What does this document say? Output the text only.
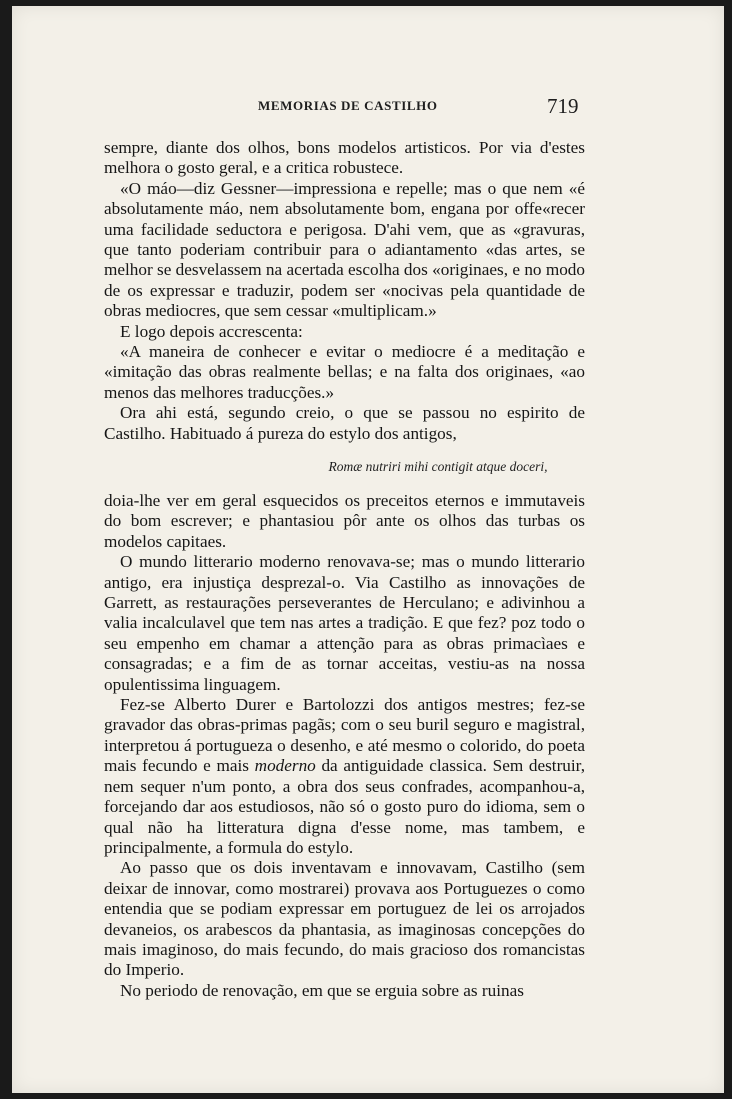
MEMORIAS DE CASTILHO	719

sempre, diante dos olhos, bons modelos artisticos. Por via d'estes melhora o gosto geral, e a critica robustece.

«O máo—diz Gessner—impressiona e repelle; mas o que nem «é absolutamente máo, nem absolutamente bom, engana por offe«recer uma facilidade seductora e perigosa. D'ahi vem, que as «gravuras, que tanto poderiam contribuir para o adiantamento «das artes, se melhor se desvelassem na acertada escolha dos «originaes, e no modo de os expressar e traduzir, podem ser «nocivas pela quantidade de obras mediocres, que sem cessar «multiplicam.»

E logo depois accrescenta:

«A maneira de conhecer e evitar o mediocre é a meditação e «imitação das obras realmente bellas; e na falta dos originaes, «ao menos das melhores traducções.»

Ora ahi está, segundo creio, o que se passou no espirito de Castilho. Habituado á pureza do estylo dos antigos,

Romæ nutriri mihi contigit atque doceri,

doia-lhe ver em geral esquecidos os preceitos eternos e immutaveis do bom escrever; e phantasiou pôr ante os olhos das turbas os modelos capitaes.

O mundo litterario moderno renovava-se; mas o mundo litterario antigo, era injustiça desprezal-o. Via Castilho as innovações de Garrett, as restaurações perseverantes de Herculano; e adivinhou a valia incalculavel que tem nas artes a tradição. E que fez? poz todo o seu empenho em chamar a attenção para as obras primacìaes e consagradas; e a fim de as tornar acceitas, vestiu-as na nossa opulentissima linguagem.

Fez-se Alberto Durer e Bartolozzi dos antigos mestres; fez-se gravador das obras-primas pagãs; com o seu buril seguro e magistral, interpretou á portugueza o desenho, e até mesmo o colorido, do poeta mais fecundo e mais moderno da antiguidade classica. Sem destruir, nem sequer n'um ponto, a obra dos seus confrades, acompanhou-a, forcejando dar aos estudiosos, não só o gosto puro do idioma, sem o qual não ha litteratura digna d'esse nome, mas tambem, e principalmente, a formula do estylo.

Ao passo que os dois inventavam e innovavam, Castilho (sem deixar de innovar, como mostrarei) provava aos Portuguezes o como entendia que se podiam expressar em portuguez de lei os arrojados devaneios, os arabescos da phantasia, as imaginosas concepções do mais imaginoso, do mais fecundo, do mais gracioso dos romancistas do Imperio.

No periodo de renovação, em que se erguia sobre as ruinas
